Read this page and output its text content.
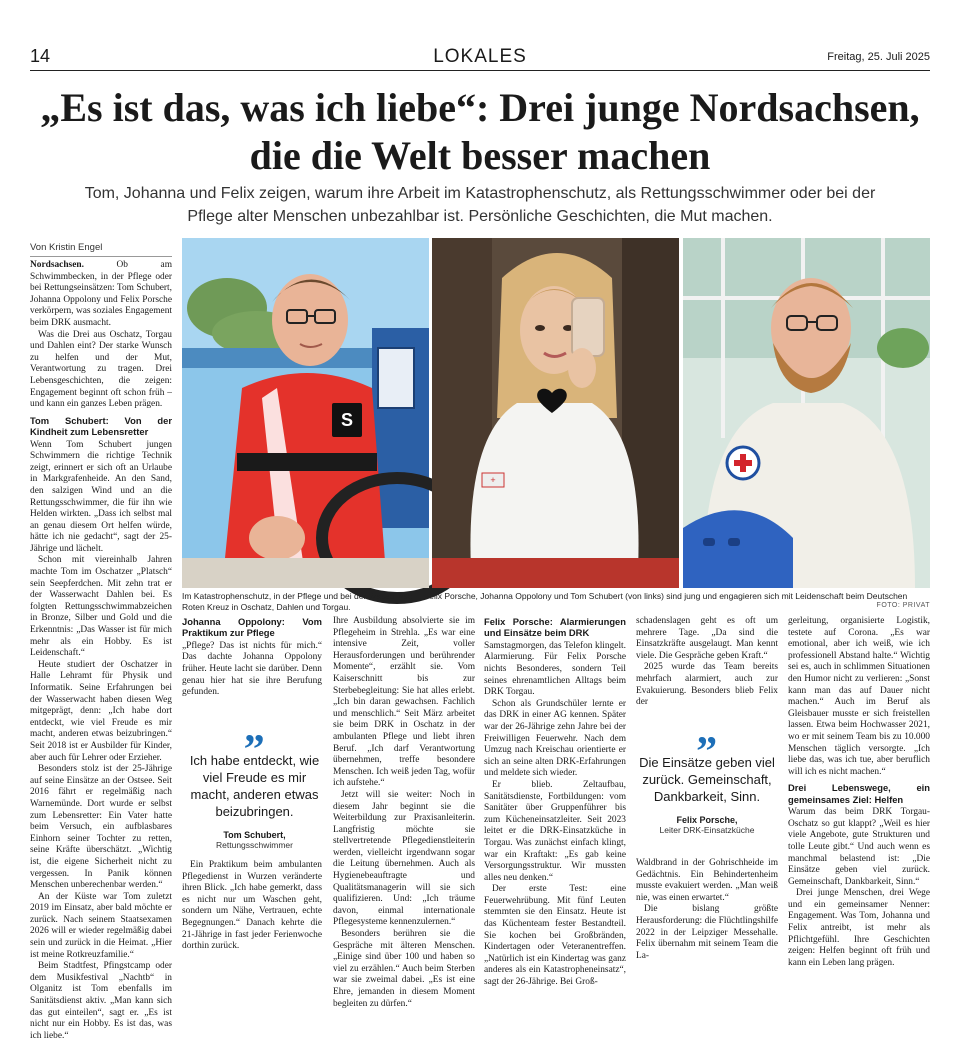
14	LOKALES	Freitag, 25. Juli 2025
„Es ist das, was ich liebe“: Drei junge Nordsachsen, die die Welt besser machen

Tom, Johanna und Felix zeigen, warum ihre Arbeit im Katastrophenschutz, als Rettungsschwimmer oder bei der Pflege alter Menschen unbezahlbar ist. Persönliche Geschichten, die Mut machen.

Von Kristin Engel

Nordsachsen.	Ob am Schwimmbecken, in der Pflege oder bei Rettungseinsätzen: Tom Schubert, Johanna Oppolony und Felix Porsche verkörpern, was soziales Engagement beim DRK ausmacht.

Was die Drei aus Oschatz, Torgau und Dahlen eint? Der starke Wunsch zu helfen und der Mut, Verantwortung zu tragen. Drei Lebensgeschichten, die zeigen: Engagement beginnt oft schon früh – und kann ein ganzes Leben prägen.

Tom Schubert: Von der Kindheit zum Lebensretter

Wenn Tom Schubert jungen Schwimmern die richtige Technik zeigt, erinnert er sich oft an Urlaube in Markgrafenheide. An den Sand, den salzigen Wind und an die Rettungsschwimmer, die für ihn wie Helden wirkten. „Dass ich selbst mal an genau diesem Ort helfen würde, hätte ich nie gedacht“, sagt der 25-Jährige und lächelt.

Schon mit viereinhalb Jahren machte Tom im Oschatzer „Platsch“ sein Seepferdchen. Mit zehn trat er der Wasserwacht Dahlen bei. Es folgten Rettungsschwimmabzeichen in Bronze, Silber und Gold und die Erkenntnis: „Das Wasser ist für mich mehr als ein Hobby. Es ist Leidenschaft.“

Heute studiert der Oschatzer in Halle Lehramt für Physik und Informatik. Seine Erfahrungen bei der Wasserwacht haben diesen Weg mitgeprägt, denn: „Ich habe dort entdeckt, wie viel Freude es mir macht, anderen etwas beizubringen.“ Seit 2018 ist er Ausbilder für Kinder, aber auch für Lehrer oder Erzieher.

Besonders stolz ist der 25-Jährige auf seine Einsätze an der Ostsee. Seit 2016 fährt er regelmäßig nach Warnemünde. Dort wurde er selbst zum Lebensretter: Ein Vater hatte beim Versuch, ein aufblasbares Einhorn seiner Tochter zu retten, seine Kräfte überschätzt. „Wichtig ist, die eigene Sicherheit nicht zu vergessen. In Panik können Menschen unberechenbar werden.“

An der Küste war Tom zuletzt 2019 im Einsatz, aber bald möchte er zurück. Nach seinem Staatsexamen 2026 will er wieder regelmäßig dabei sein und zurück in die Heimat. „Hier ist meine Rotkreuzfamilie.“

Beim Stadtfest, Pfingstcamp oder dem Musikfestival „Nachtb“ in Olganitz ist Tom ebenfalls im Sanitätsdienst aktiv. „Man kann sich das gut einteilen“, sagt er. „Es ist nicht nur ein Hobby. Es ist das, was ich liebe.“

S
+
Im Katastrophenschutz, in der Pflege und bei der Wasserwacht: Felix Porsche, Johanna Oppolony und Tom Schubert (von links) sind jung und engagieren sich mit Leidenschaft beim Deutschen Roten Kreuz in Oschatz, Dahlen und Torgau.	FOTO: PRIVAT
Johanna Oppolony: Vom Praktikum zur Pflege

„Pflege? Das ist nichts für mich.“ Das dachte Johanna Oppolony früher. Heute lacht sie darüber. Denn genau hier hat sie ihre Berufung gefunden.

„
Ich habe entdeckt, wie viel Freude es mir macht, anderen etwas beizubringen.
Tom Schubert,
Rettungsschwimmer

Ein Praktikum beim ambulanten Pflegedienst in Wurzen veränderte ihren Blick. „Ich habe gemerkt, dass es nicht nur um Waschen geht, sondern um Nähe, Vertrauen, echte Begegnungen.“ Danach kehrte die 21-Jährige in fast jeder Ferienwoche dorthin zurück.

Ihre Ausbildung absolvierte sie im Pflegeheim in Strehla. „Es war eine intensive Zeit, voller Herausforderungen und berührender Momente“, erzählt sie. Vom Kaiserschnitt bis zur Sterbebegleitung: Sie hat alles erlebt. „Ich bin daran gewachsen. Fachlich und menschlich.“ Seit März arbeitet sie beim DRK in Oschatz in der ambulanten Pflege und liebt ihren Beruf. „Ich darf Verantwortung übernehmen, treffe besondere Menschen. Ich weiß jeden Tag, wofür ich aufstehe.“

Jetzt will sie weiter: Noch in diesem Jahr beginnt sie die Weiterbildung zur Praxisanleiterin. Langfristig möchte sie stellvertretende Pflegedienstleiterin werden, vielleicht irgendwann sogar die Leitung übernehmen. Auch als Hygienebeauftragte und Qualitätsmanagerin will sie sich qualifizieren. Und: „Ich träume davon, einmal internationale Pflegesysteme kennenzulernen.“

Besonders berühren sie die Gespräche mit älteren Menschen. „Einige sind über 100 und haben so viel zu erzählen.“ Auch beim Sterben war sie zweimal dabei. „Es ist eine Ehre, jemanden in diesem Moment begleiten zu dürfen.“

Felix Porsche: Alarmierungen und Einsätze beim DRK

Samstagmorgen, das Telefon klingelt. Alarmierung. Für Felix Porsche nichts Besonderes, sondern Teil seines ehrenamtlichen Alltags beim DRK Torgau.

Schon als Grundschüler lernte er das DRK in einer AG kennen. Später war der 26-Jährige zehn Jahre bei der Freiwilligen Feuerwehr. Nach dem Umzug nach Kreischau orientierte er sich an seine alten DRK-Erfahrungen und meldete sich wieder.

Er blieb. Zeltaufbau, Sanitätsdienste, Fortbildungen: vom Sanitäter über Gruppenführer bis zum Kücheneinsatzleiter. Seit 2023 leitet er die DRK-Einsatzküche in Torgau. Was zunächst einfach klingt, war ein Kraftakt: „Es gab keine Versorgungsstruktur. Wir mussten alles neu denken.“

Der erste Test: eine Feuerwehrübung. Mit fünf Leuten stemmten sie den Einsatz. Heute ist das Küchenteam fester Bestandteil. Sie kochen bei Großbränden, Kindertagen oder Veteranentreffen. „Natürlich ist ein Kindertag was ganz anderes als ein Katastropheneinsatz“, sagt der 26-Jährige. Bei Groß-

schadenslagen geht es oft um mehrere Tage. „Da sind die Einsatzkräfte ausgelaugt. Man kennt viele. Die Gespräche geben Kraft.“

2025 wurde das Team bereits mehrfach alarmiert, auch zur Evakuierung. Besonders blieb Felix der

„
Die Einsätze geben viel zurück. Gemeinschaft, Dankbarkeit, Sinn.
Felix Porsche,
Leiter DRK-Einsatzküche

Waldbrand in der Gohrischheide im Gedächtnis. Ein Behindertenheim musste evakuiert werden. „Man weiß nie, was einen erwartet.“

Die bislang größte Herausforderung: die Flüchtlingshilfe 2022 in der Leipziger Messehalle. Felix übernahm mit seinem Team die La-

gerleitung, organisierte Logistik, testete auf Corona. „Es war emotional, aber ich weiß, wie ich professionell Abstand halte.“ Wichtig sei es, auch in schlimmen Situationen den Humor nicht zu verlieren: „Sonst kann man das auf Dauer nicht machen.“ Auch im Beruf als Gleisbauer musste er sich freistellen lassen. Etwa beim Hochwasser 2021, wo er mit seinem Team bis zu 10.000 Menschen täglich versorgte. „Ich liebe das, was ich tue, aber beruflich will ich es nicht machen.“

Drei Lebenswege, ein gemeinsames Ziel: Helfen

Warum das beim DRK Torgau-Oschatz so gut klappt? „Weil es hier viele Angebote, gute Strukturen und tolle Leute gibt.“ Und auch wenn es manchmal belastend ist: „Die Einsätze geben viel zurück. Gemeinschaft, Dankbarkeit, Sinn.“

Drei junge Menschen, drei Wege und ein gemeinsamer Nenner: Engagement. Was Tom, Johanna und Felix antreibt, ist mehr als Pflichtgefühl. Ihre Geschichten zeigen: Helfen beginnt oft früh und kann ein Leben lang prägen.
